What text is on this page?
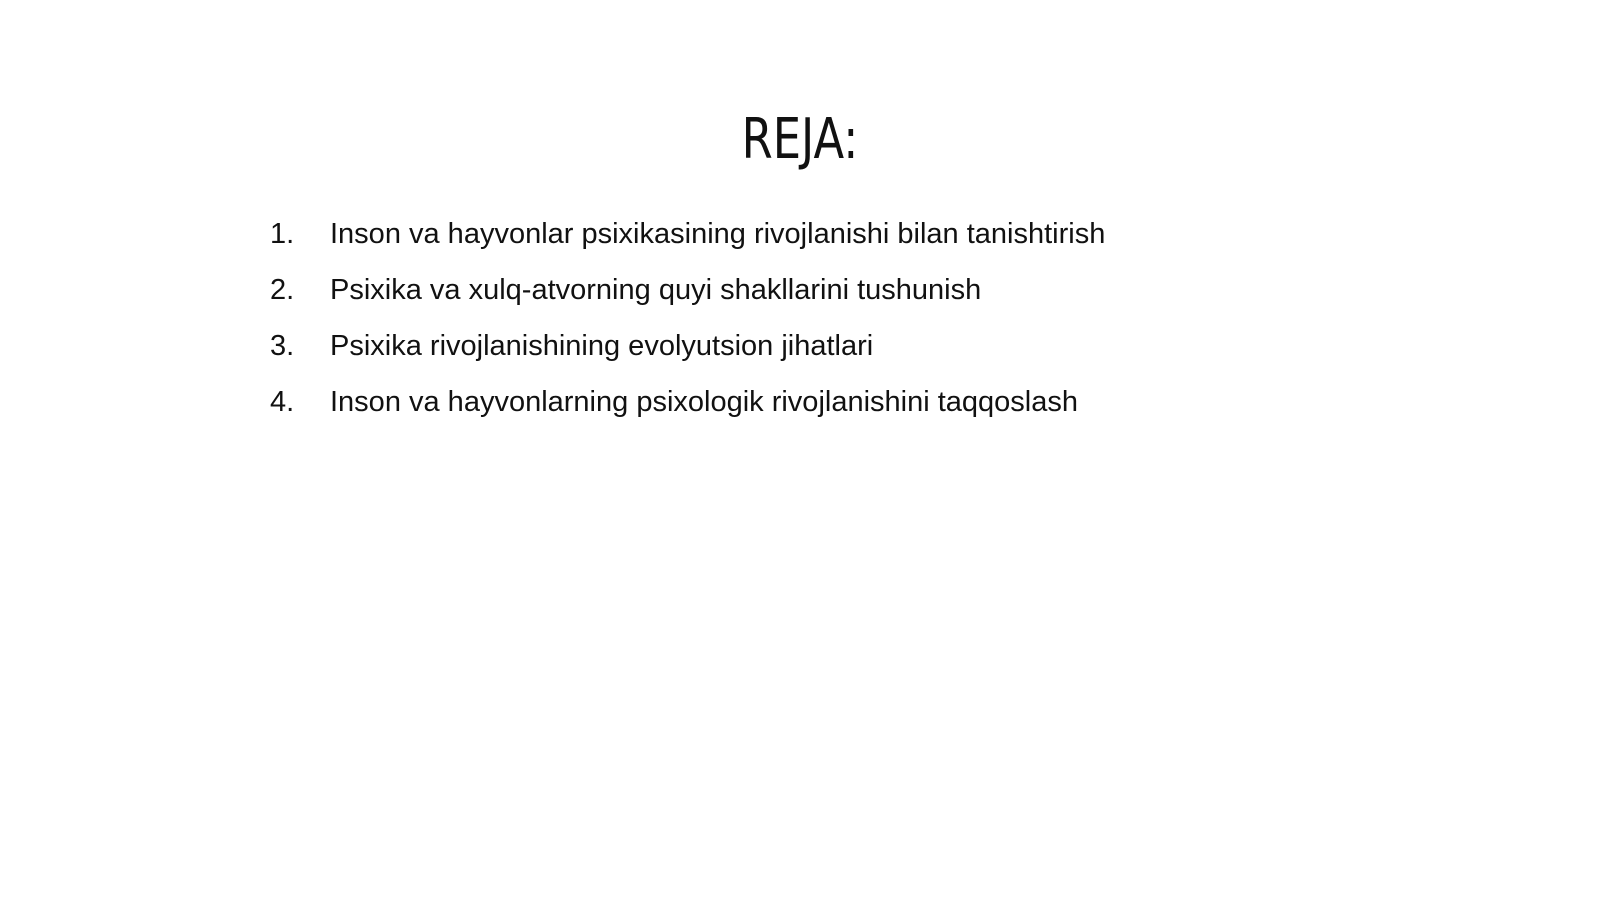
REJA:
1.	Inson va hayvonlar psixikasining rivojlanishi bilan tanishtirish
2.	Psixika va xulq-atvorning quyi shakllarini tushunish
3.	Psixika rivojlanishining evolyutsion jihatlari
4.	Inson va hayvonlarning psixologik rivojlanishini taqqoslash
